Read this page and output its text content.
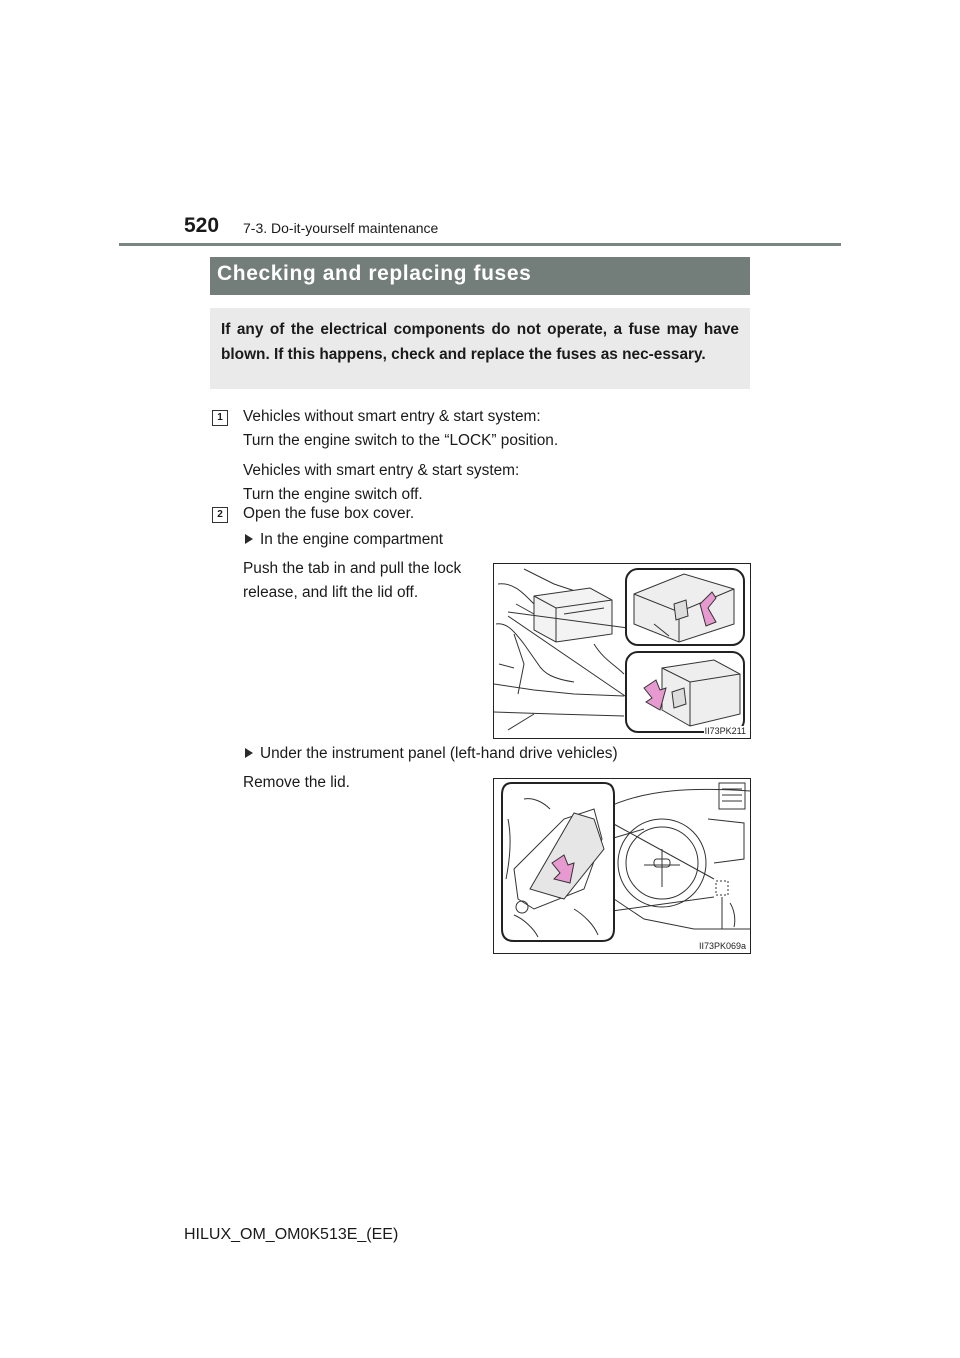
520 7-3. Do-it-yourself maintenance
Checking and replacing fuses
If any of the electrical components do not operate, a fuse may have blown. If this happens, check and replace the fuses as nec-essary.
1	Vehicles without smart entry & start system:
Turn the engine switch to the “LOCK” position.
Vehicles with smart entry & start system:
Turn the engine switch off.
2	Open the fuse box cover.
In the engine compartment
Push the tab in and pull the lock
release, and lift the lid off.
II73PK211
Under the instrument panel (left-hand drive vehicles)
Remove the lid.
II73PK069a
HILUX_OM_OM0K513E_(EE)
